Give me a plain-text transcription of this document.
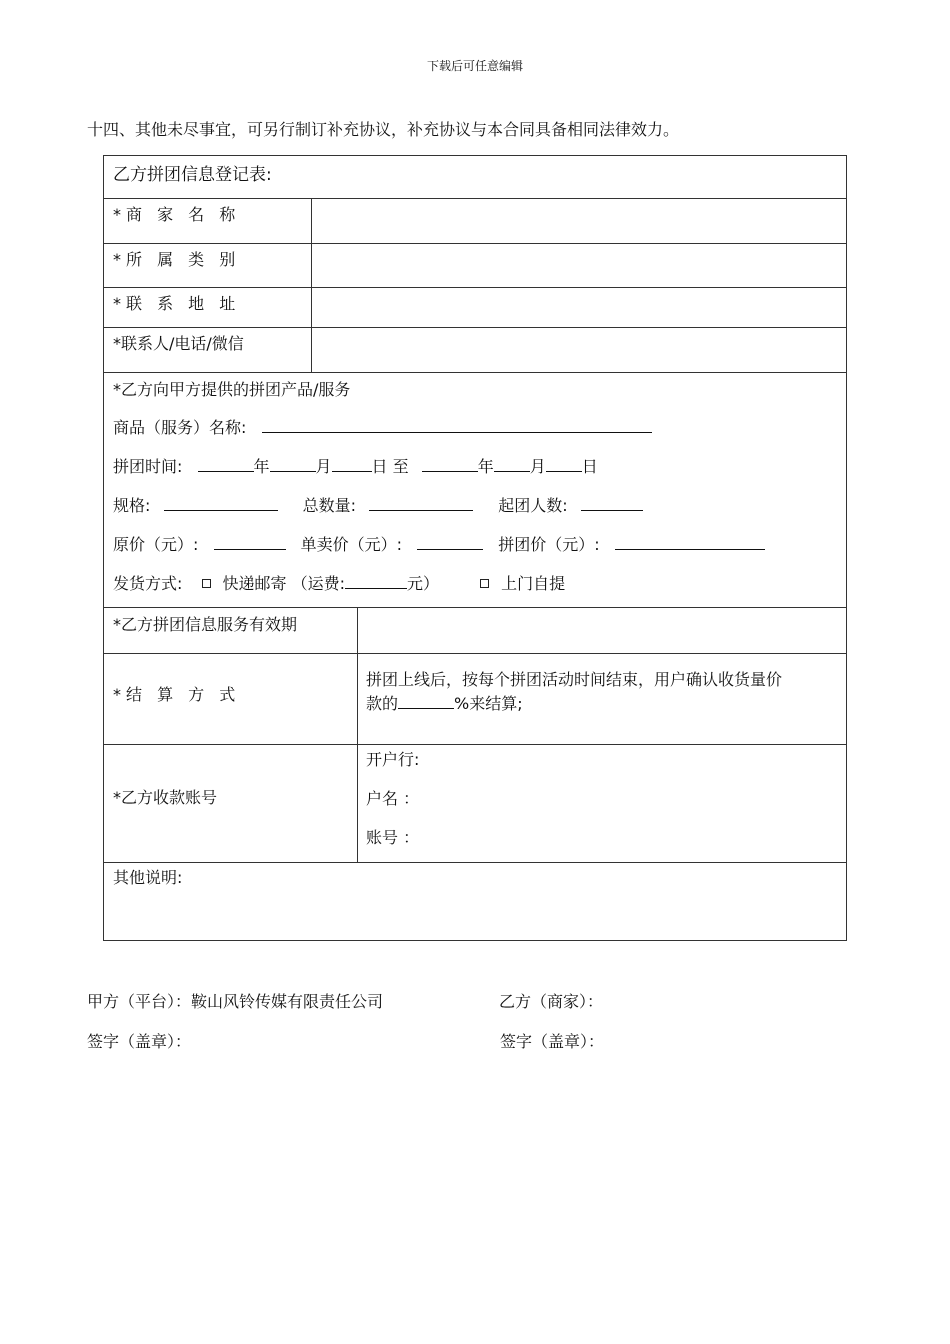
下载后可任意编辑
十四、其他未尽事宜，可另行制订补充协议，补充协议与本合同具备相同法律效力。
乙方拼团信息登记表:
*商 家 名 称
*所 属 类 别
*联 系 地 址
*联系人/电话/微信
*乙方向甲方提供的拼团产品/服务
商品（服务）名称:
拼团时间:	年	月	日 至	年 月 日
规格:	总数量:	起团人数:
原价（元）:	单卖价（元）:	拼团价（元）:
发货方式:	快递邮寄 （运费:	元）	上门自提
*乙方拼团信息服务有效期
*结 算 方 式
拼团上线后，按每个拼团活动时间结束，用户确认收货量价
款的	%来结算;
*乙方收款账号
开户行:
户名 ：
账号 ：
其他说明:
甲方（平台）：鞍山风铃传媒有限责任公司	乙方（商家）：
签字（盖章）：	签字（盖章）：
